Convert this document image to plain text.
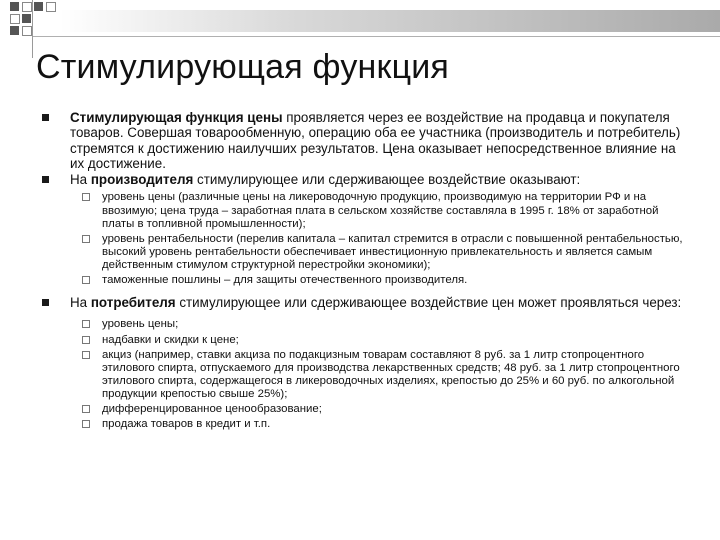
Стимулирующая функция

Стимулирующая функция цены проявляется через ее воздействие на продавца и покупателя товаров. Совершая товарообменную, операцию оба ее участника (производитель и потребитель) стремятся к достижению наилучших результатов. Цена оказывает непосредственное влияние на их достижение.

На производителя стимулирующее или сдерживающее воздействие оказывают:

уровень цены (различные цены на ликероводочную продукцию, производимую на территории РФ и на ввозимую; цена труда – заработная плата в сельском хозяйстве составляла в 1995 г. 18% от заработной платы в топливной промышленности);

уровень рентабельности (перелив капитала – капитал стремится в отрасли с повышенной рентабельностью, высокий уровень рентабельности обеспечивает инвестиционную привлекательность и является самым действенным стимулом структурной перестройки экономики);

таможенные пошлины – для защиты отечественного производителя.

На потребителя стимулирующее или сдерживающее воздействие цен может проявляться через:

уровень цены;

надбавки и скидки к цене;

акциз (например, ставки акциза по подакцизным товарам составляют 8 руб. за 1 литр стопроцентного этилового спирта, отпускаемого для производства лекарственных средств; 48 руб. за 1 литр стопроцентного этилового спирта, содержащегося в ликероводочных изделиях, крепостью до 25% и 60 руб. по алкогольной продукции крепостью свыше 25%);

дифференцированное ценообразование;

продажа товаров в кредит и т.п.
